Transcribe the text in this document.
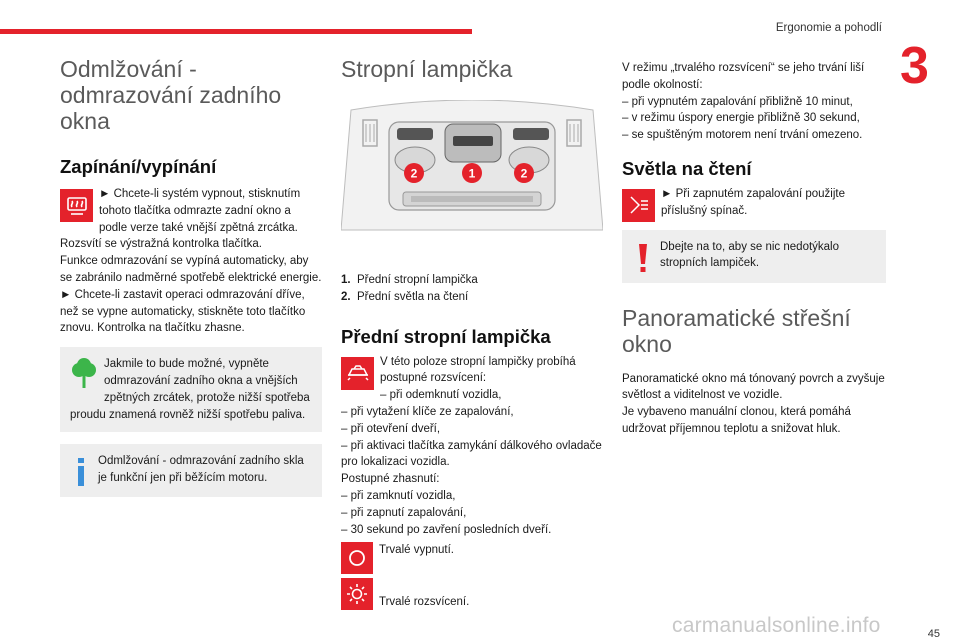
Ergonomie a pohodlí
3
Odmlžování - odmrazování zadního okna
Zapínání/vypínání
► Chcete-li systém vypnout, stisknutím tohoto tlačítka odmrazte zadní okno a podle verze také vnější zpětná zrcátka. Rozsvítí se výstražná kontrolka tlačítka.
Funkce odmrazování se vypíná automaticky, aby se zabránilo nadměrné spotřebě elektrické energie.
► Chcete-li zastavit operaci odmrazování dříve, než se vypne automaticky, stiskněte toto tlačítko znovu. Kontrolka na tlačítku zhasne.
Jakmile to bude možné, vypněte odmrazování zadního okna a vnějších zpětných zrcátek, protože nižší spotřeba proudu znamená rovněž nižší spotřebu paliva.
Odmlžování - odmrazování zadního skla je funkční jen při běžícím motoru.
Stropní lampička
2	1	2
1. Přední stropní lampička
2. Přední světla na čtení
Přední stropní lampička
V této poloze stropní lampičky probíhá postupné rozsvícení:
– při odemknutí vozidla,
– při vytažení klíče ze zapalování,
– při otevření dveří,
– při aktivaci tlačítka zamykání dálkového ovladače pro lokalizaci vozidla.
Postupné zhasnutí:
– při zamknutí vozidla,
– při zapnutí zapalování,
– 30 sekund po zavření posledních dveří.
Trvalé vypnutí.
Trvalé rozsvícení.
V režimu „trvalého rozsvícení“ se jeho trvání liší podle okolností:
– při vypnutém zapalování přibližně 10 minut,
– v režimu úspory energie přibližně 30 sekund,
– se spuštěným motorem není trvání omezeno.
Světla na čtení
► Při zapnutém zapalování použijte příslušný spínač.
Dbejte na to, aby se nic nedotýkalo stropních lampiček.
Panoramatické střešní okno
Panoramatické okno má tónovaný povrch a zvyšuje světlost a viditelnost ve vozidle.
Je vybaveno manuální clonou, která pomáhá udržovat příjemnou teplotu a snižovat hluk.
carmanualsonline.info	45
